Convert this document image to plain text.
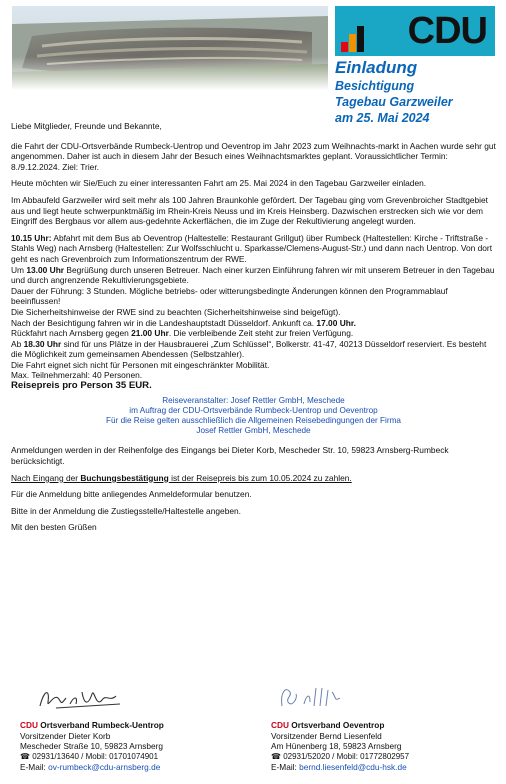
CDU
Einladung
Besichtigung
Tagebau Garzweiler
am 25. Mai 2024

Liebe Mitglieder, Freunde und Bekannte,

die Fahrt der CDU-Ortsverbände Rumbeck-Uentrop und Oeventrop im Jahr 2023 zum Weihnachts-markt in Aachen wurde sehr gut angenommen. Daher ist auch in diesem Jahr der Besuch eines Weihnachtsmarktes geplant. Voraussichtlicher Termin: 8./9.12.2024. Ziel: Trier.

Heute möchten wir Sie/Euch zu einer interessanten Fahrt am 25. Mai 2024 in den Tagebau Garzweiler einladen.

Im Abbaufeld Garzweiler wird seit mehr als 100 Jahren Braunkohle gefördert. Der Tagebau ging vom Grevenbroicher Stadtgebiet aus und liegt heute schwerpunktmäßig im Rhein-Kreis Neuss und im Kreis Heinsberg. Dazwischen erstrecken sich wie vor dem Eingriff des Bergbaus vor allem aus-gedehnte Ackerflächen, die im Zuge der Rekultivierung angelegt wurden.

10.15 Uhr: Abfahrt mit dem Bus ab Oeventrop (Haltestelle: Restaurant Grillgut) über Rumbeck (Haltestellen: Kirche - Triftstraße - Stahls Weg) nach Arnsberg (Haltestellen: Zur Wolfsschlucht u. Sparkasse/Clemens-August-Str.) und dann nach Uentrop. Von dort geht es nach Grevenbroich zum Informationszentrum der RWE.

Um 13.00 Uhr Begrüßung durch unseren Betreuer. Nach einer kurzen Einführung fahren wir mit unserem Betreuer in den Tagebau und durch angrenzende Rekultivierungsgebiete.

Dauer der Führung: 3 Stunden. Mögliche betriebs- oder witterungsbedingte Änderungen können den Programmablauf beeinflussen!

Die Sicherheitshinweise der RWE sind zu beachten (Sicherheitshinweise sind beigefügt).

Nach der Besichtigung fahren wir in die Landeshauptstadt Düsseldorf. Ankunft ca. 17.00 Uhr.

Rückfahrt nach Arnsberg gegen 21.00 Uhr. Die verbleibende Zeit steht zur freien Verfügung.

Ab 18.30 Uhr sind für uns Plätze in der Hausbrauerei „Zum Schlüssel“, Bolkerstr. 41-47, 40213 Düsseldorf reserviert. Es besteht die Möglichkeit zum gemeinsamen Abendessen (Selbstzahler).

Die Fahrt eignet sich nicht für Personen mit eingeschränkter Mobilität.

Max. Teilnehmerzahl: 40 Personen.

Reisepreis pro Person 35 EUR.

Reiseveranstalter: Josef Rettler GmbH, Meschede
im Auftrag der CDU-Ortsverbände Rumbeck-Uentrop und Oeventrop
Für die Reise gelten ausschließlich die Allgemeinen Reisebedingungen der Firma
Josef Rettler GmbH, Meschede

Anmeldungen werden in der Reihenfolge des Eingangs bei Dieter Korb, Mescheder Str. 10, 59823 Arnsberg-Rumbeck berücksichtigt.

Nach Eingang der Buchungsbestätigung ist der Reisepreis bis zum 10.05.2024 zu zahlen.

Für die Anmeldung bitte anliegendes Anmeldeformular benutzen.

Bitte in der Anmeldung die Zustiegsstelle/Haltestelle angeben.

Mit den besten Grüßen

CDU Ortsverband Rumbeck-Uentrop
Vorsitzender Dieter Korb
Mescheder Straße 10, 59823 Arnsberg
☎ 02931/13640 / Mobil: 01701074901
E-Mail: ov-rumbeck@cdu-arnsberg.de
CDU Ortsverband Oeventrop
Vorsitzender Bernd Liesenfeld
Am Hünenberg 18, 59823 Arnsberg
☎ 02931/52020 / Mobil: 01772802957
E-Mail: bernd.liesenfeld@cdu-hsk.de
